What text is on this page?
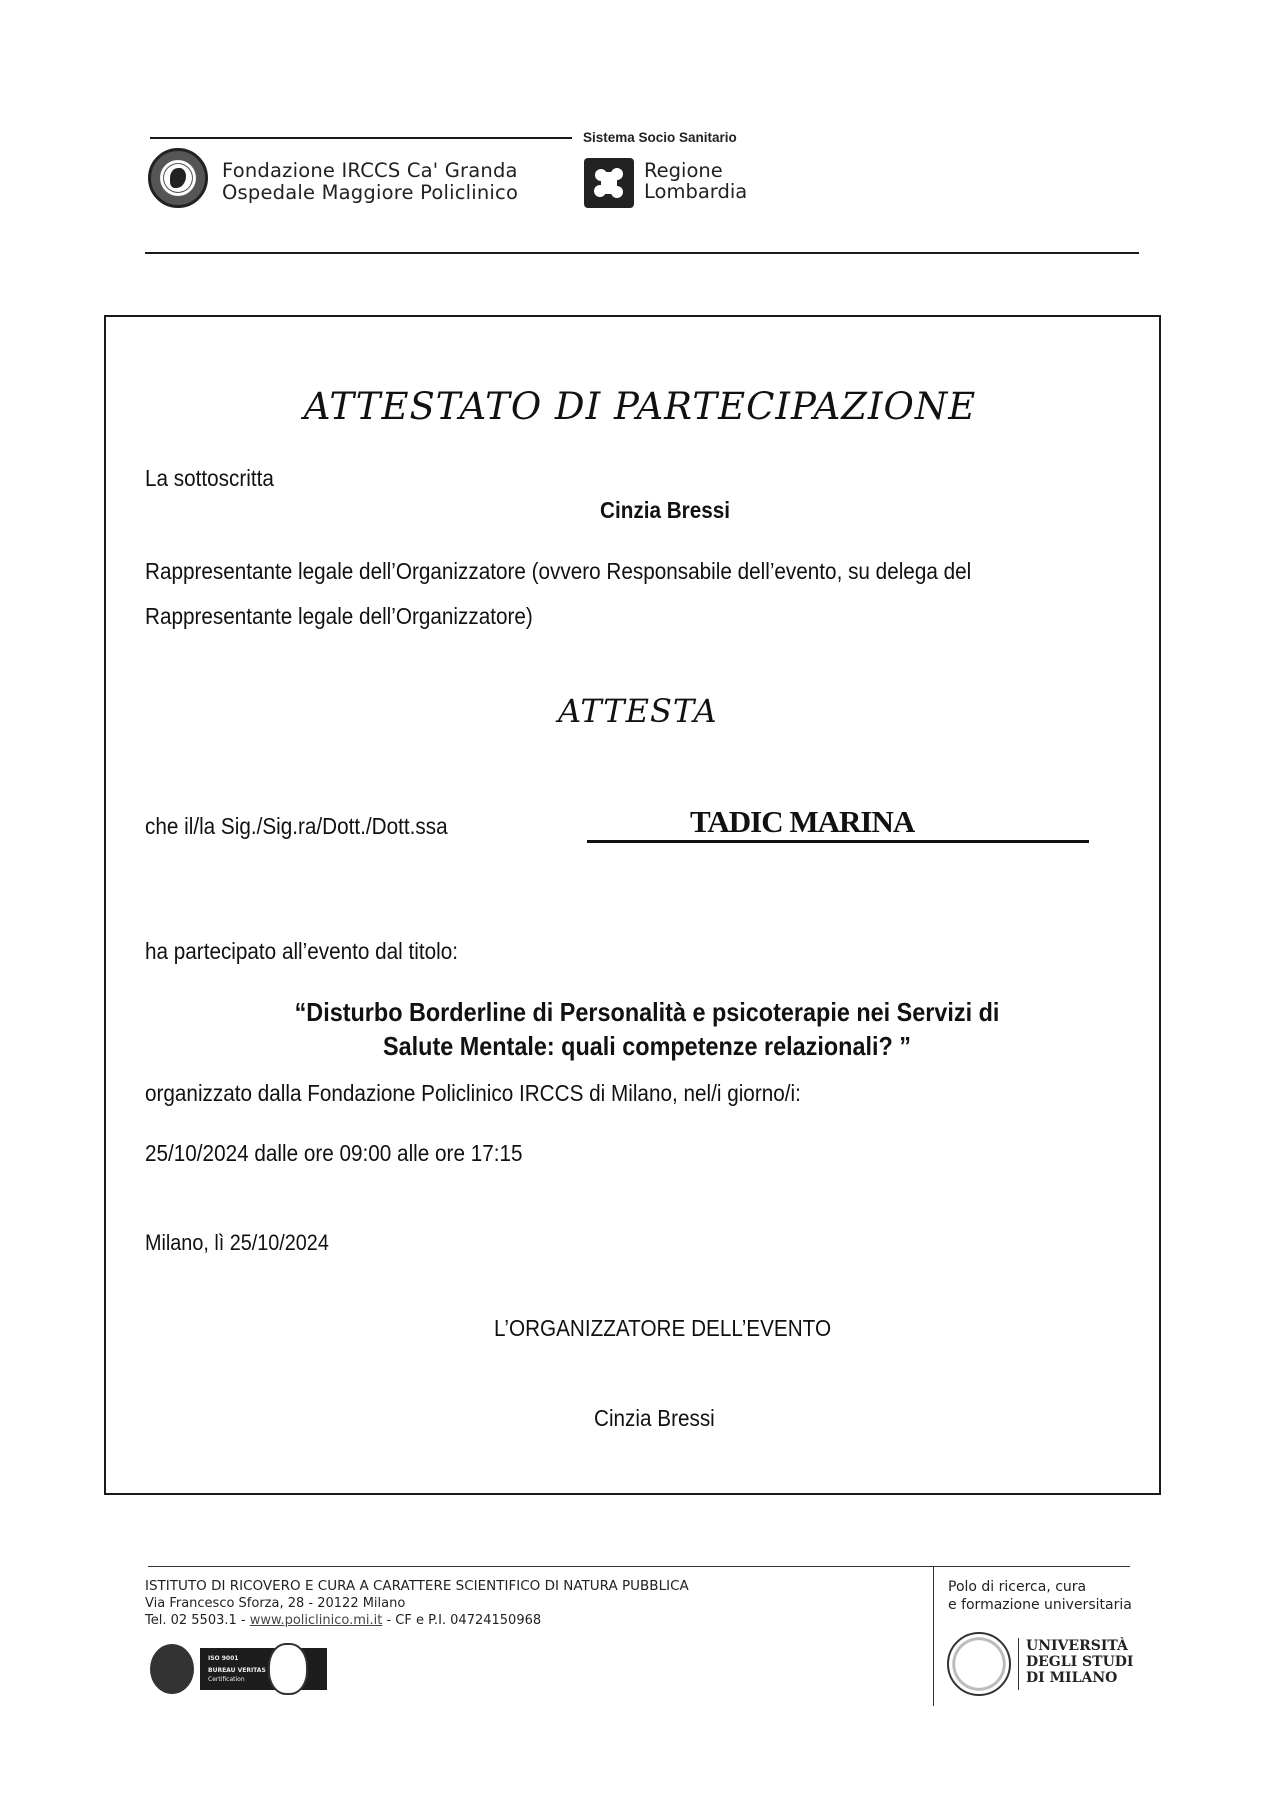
Fondazione IRCCS Ca' Granda
Ospedale Maggiore Policlinico
Sistema Socio Sanitario
Regione
Lombardia
ATTESTATO DI PARTECIPAZIONE
La sottoscritta
Cinzia Bressi
Rappresentante legale dell’Organizzatore (ovvero Responsabile dell’evento, su delega del
Rappresentante legale dell’Organizzatore)
ATTESTA
che il/la Sig./Sig.ra/Dott./Dott.ssa	TADIC MARINA
ha partecipato all’evento dal titolo:
“Disturbo Borderline di Personalità e psicoterapie nei Servizi di
Salute Mentale: quali competenze relazionali? ”
organizzato dalla Fondazione Policlinico IRCCS di Milano, nel/i giorno/i:
25/10/2024 dalle ore 09:00 alle ore 17:15
Milano, lì 25/10/2024
L’ORGANIZZATORE DELL’EVENTO
Cinzia Bressi
ISTITUTO DI RICOVERO E CURA A CARATTERE SCIENTIFICO DI NATURA PUBBLICA
Via Francesco Sforza, 28 - 20122 Milano
Tel. 02 5503.1 - www.policlinico.mi.it - CF e P.I. 04724150968
ISO 9001
BUREAU VERITAS
Certification
Polo di ricerca, cura
e formazione universitaria
UNIVERSITÀ
DEGLI STUDI
DI MILANO
